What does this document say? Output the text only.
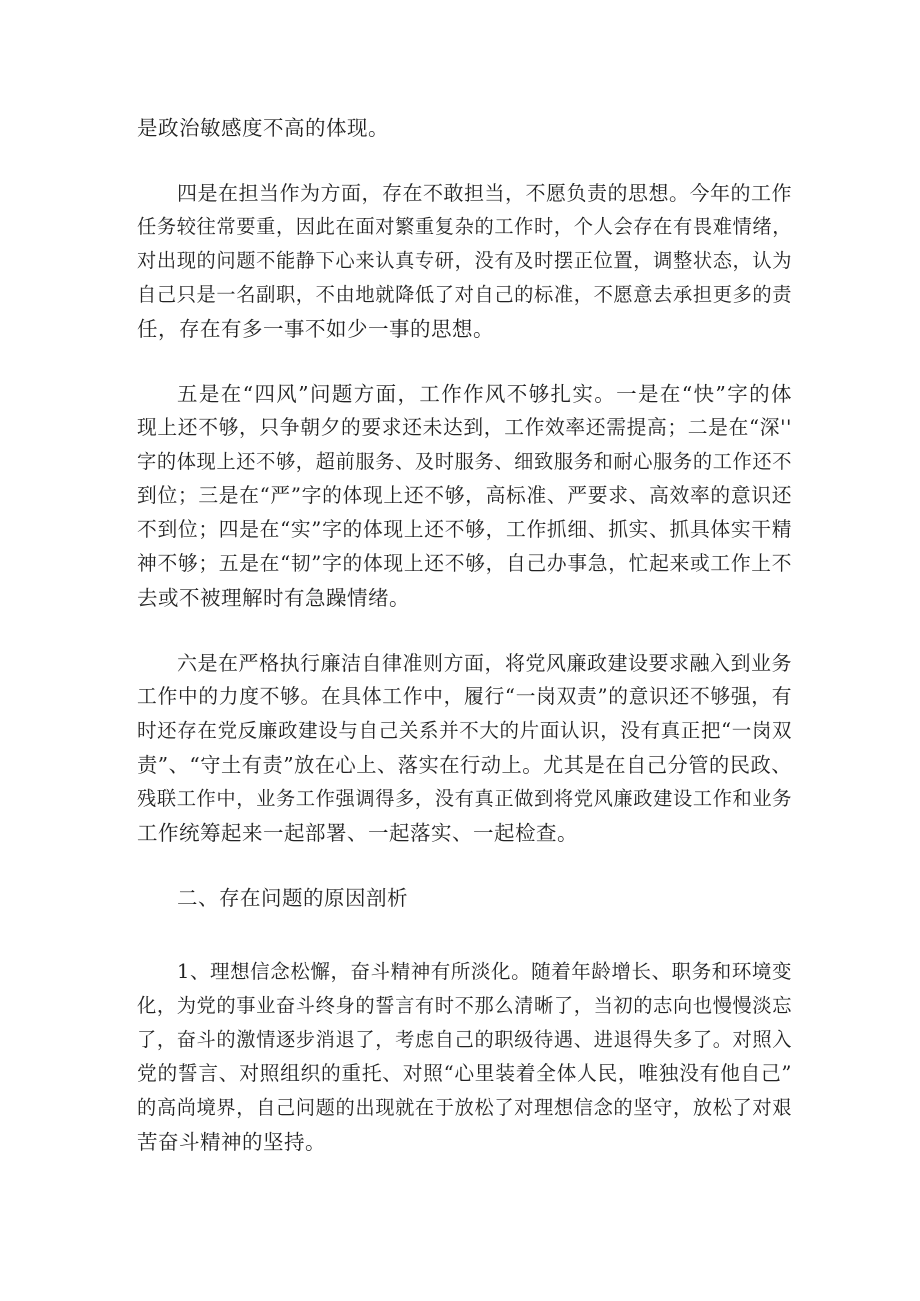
是政治敏感度不高的体现。
四是在担当作为方面，存在不敢担当，不愿负责的思想。今年的工作
任务较往常要重，因此在面对繁重复杂的工作时，个人会存在有畏难情绪，
对出现的问题不能静下心来认真专研，没有及时摆正位置，调整状态，认为
自己只是一名副职，不由地就降低了对自己的标准，不愿意去承担更多的责
任，存在有多一事不如少一事的思想。
五是在“四风”问题方面，工作作风不够扎实。一是在“快”字的体
现上还不够，只争朝夕的要求还未达到，工作效率还需提高；二是在“深''
字的体现上还不够，超前服务、及时服务、细致服务和耐心服务的工作还不
到位；三是在“严”字的体现上还不够，高标准、严要求、高效率的意识还
不到位；四是在“实”字的体现上还不够，工作抓细、抓实、抓具体实干精
神不够；五是在“韧”字的体现上还不够，自己办事急，忙起来或工作上不
去或不被理解时有急躁情绪。
六是在严格执行廉洁自律准则方面，将党风廉政建设要求融入到业务
工作中的力度不够。在具体工作中，履行“一岗双责”的意识还不够强，有
时还存在党反廉政建设与自己关系并不大的片面认识，没有真正把“一岗双
责”、“守土有责”放在心上、落实在行动上。尤其是在自己分管的民政、
残联工作中，业务工作强调得多，没有真正做到将党风廉政建设工作和业务
工作统筹起来一起部署、一起落实、一起检查。
二、存在问题的原因剖析
1、理想信念松懈，奋斗精神有所淡化。随着年龄增长、职务和环境变
化，为党的事业奋斗终身的誓言有时不那么清晰了，当初的志向也慢慢淡忘
了，奋斗的激情逐步消退了，考虑自己的职级待遇、进退得失多了。对照入
党的誓言、对照组织的重托、对照“心里装着全体人民，唯独没有他自己”
的高尚境界，自己问题的出现就在于放松了对理想信念的坚守，放松了对艰
苦奋斗精神的坚持。
